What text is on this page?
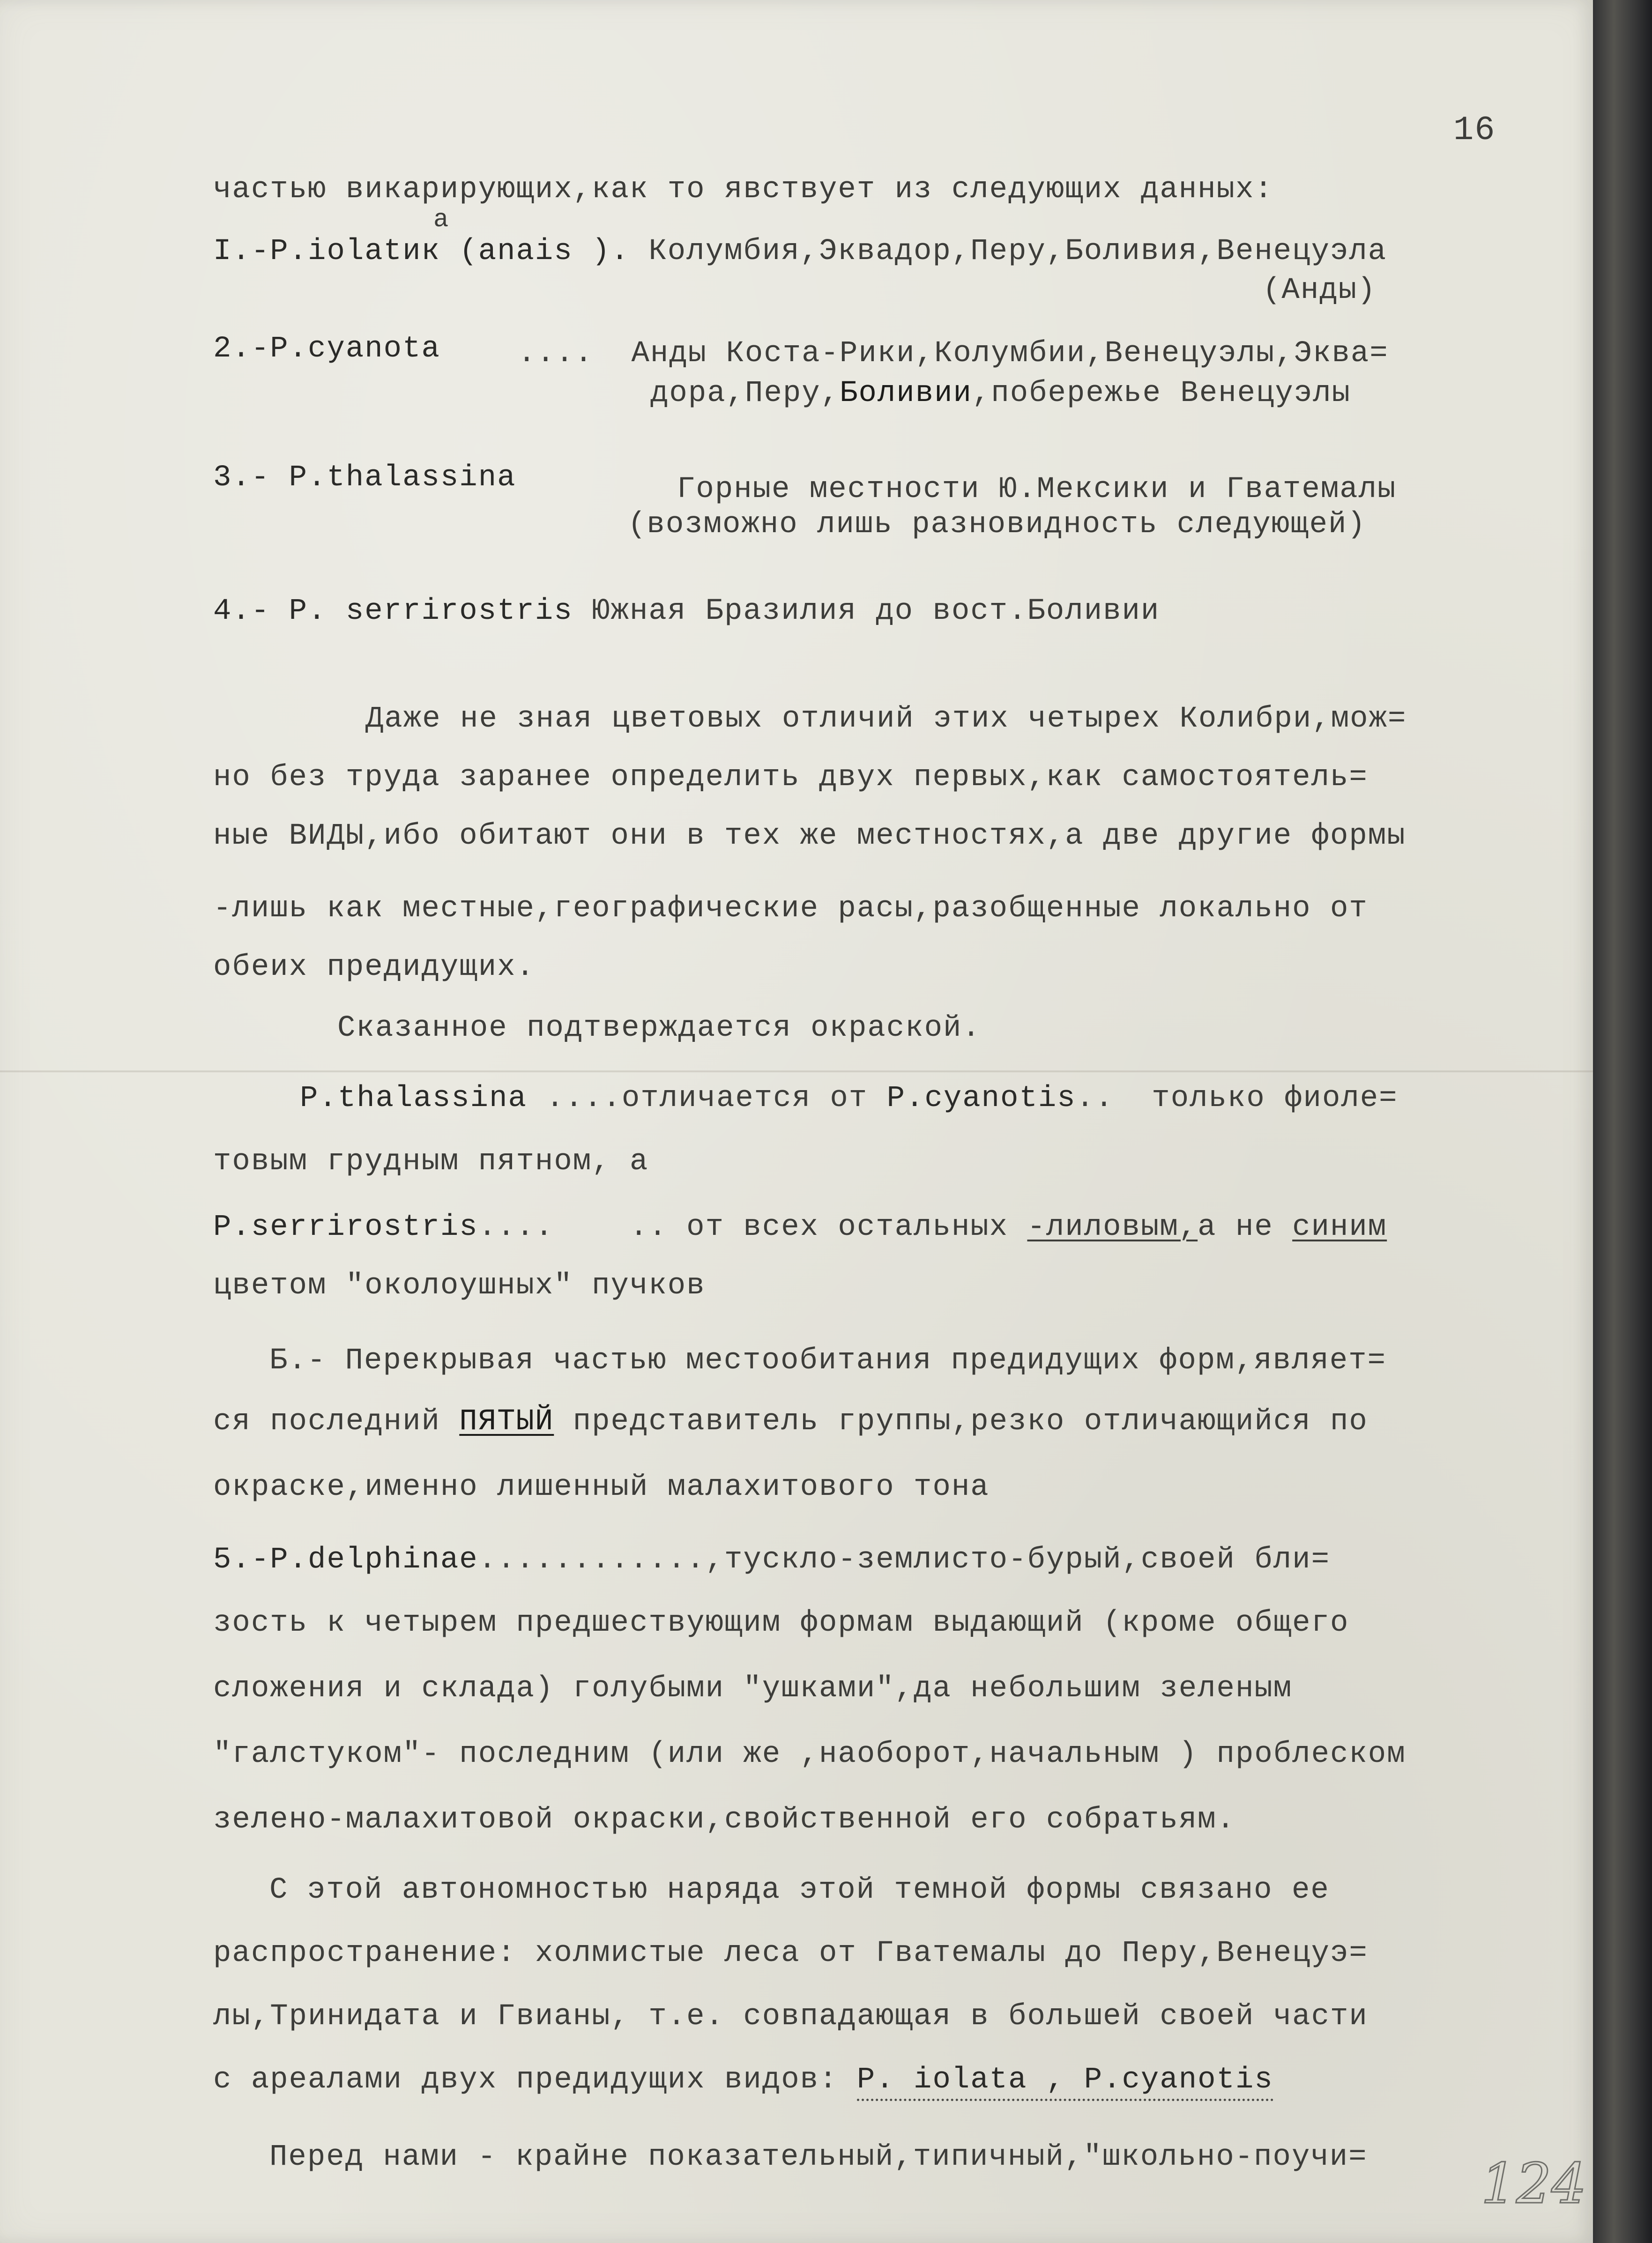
16

частью викарирующих,как то явствует из следующих данных:

а

I.-P.iolatик (anais ). Колумбия,Эквадор,Перу,Боливия,Венецуэла

(Анды)

2.-P.cyanota	....  Анды Коста-Рики,Колумбии,Венецуэлы,Эква=

дора,Перу,Боливии,побережье Венецуэлы

3.- P.thalassina	Горные местности Ю.Мексики и Гватемалы

(возможно лишь разновидность следующей)

4.- P. serrirostris Южная Бразилия до вост.Боливии

Даже не зная цветовых отличий этих четырех Колибри,мож=

но без труда заранее определить двух первых,как самостоятель=

ные ВИДЫ,ибо обитают они в тех же местностях,а две другие формы

-лишь как местные,географические расы,разобщенные локально от

обеих предидущих.

Сказанное подтверждается окраской.

P.thalassina ....отличается от P.cyanotis..  только фиоле=

товым грудным пятном, а

P.serrirostris....    .. от всех остальных -лиловым,а не синим

цветом "околоушных" пучков

Б.- Перекрывая частью местообитания предидущих форм,являет=

ся последний ПЯТЫЙ представитель группы,резко отличающийся по

окраске,именно лишенный малахитового тона

5.-P.delphinae............,тускло-землисто-бурый,своей бли=

зость к четырем предшествующим формам выдающий (кроме общего

сложения и склада) голубыми "ушками",да небольшим зеленым

"галстуком"- последним (или же ,наоборот,начальным ) проблеском

зелено-малахитовой окраски,свойственной его собратьям.

С этой автономностью наряда этой темной формы связано ее

распространение: холмистые леса от Гватемалы до Перу,Венецуэ=

лы,Тринидата и Гвианы, т.е. совпадающая в большей своей части

с ареалами двух предидущих видов: P. iolata , P.cyanotis

Перед нами - крайне показательный,типичный,"школьно-поучи= 124
